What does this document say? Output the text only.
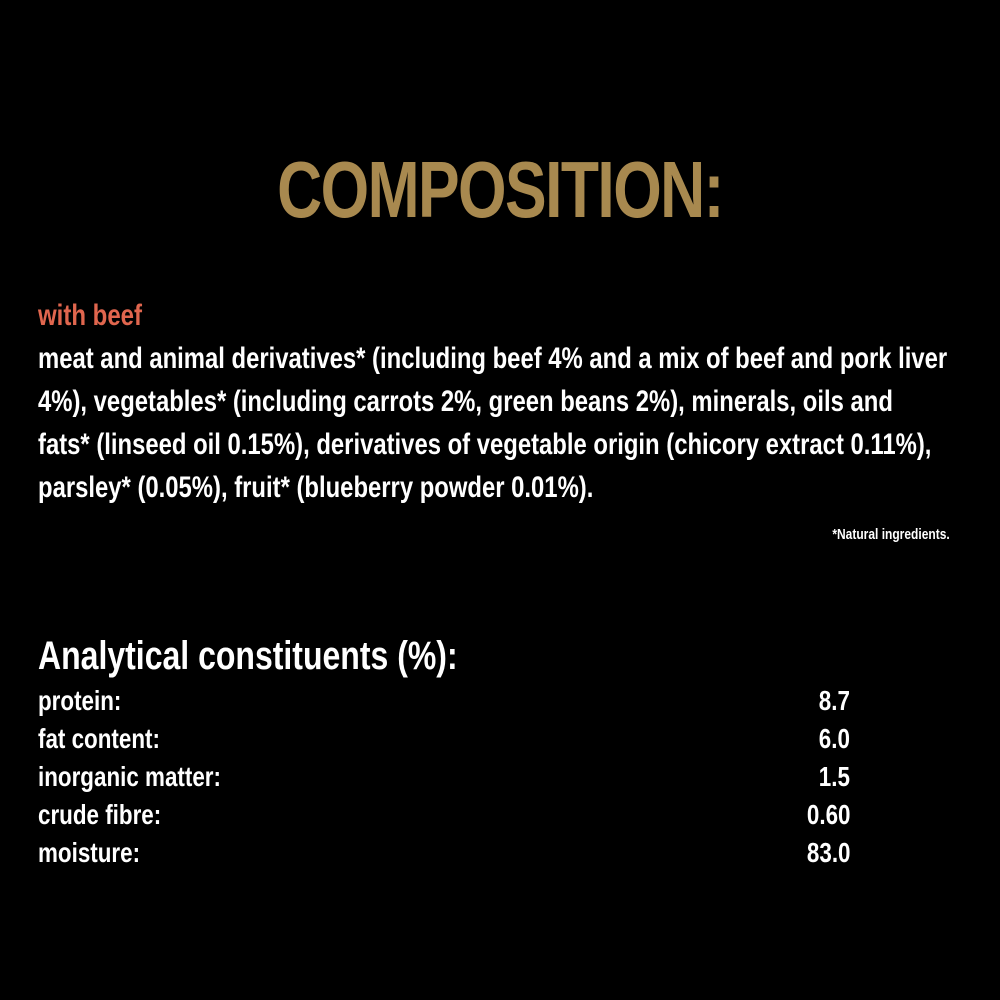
COMPOSITION:
with beef
meat and animal derivatives* (including beef 4% and a mix of beef and pork liver
4%), vegetables* (including carrots 2%, green beans 2%), minerals, oils and
fats* (linseed oil 0.15%), derivatives of vegetable origin (chicory extract 0.11%),
parsley* (0.05%), fruit* (blueberry powder 0.01%).
*Natural ingredients.
Analytical constituents (%):
protein:	8.7
fat content:	6.0
inorganic matter:	1.5
crude fibre:	0.60
moisture:	83.0
